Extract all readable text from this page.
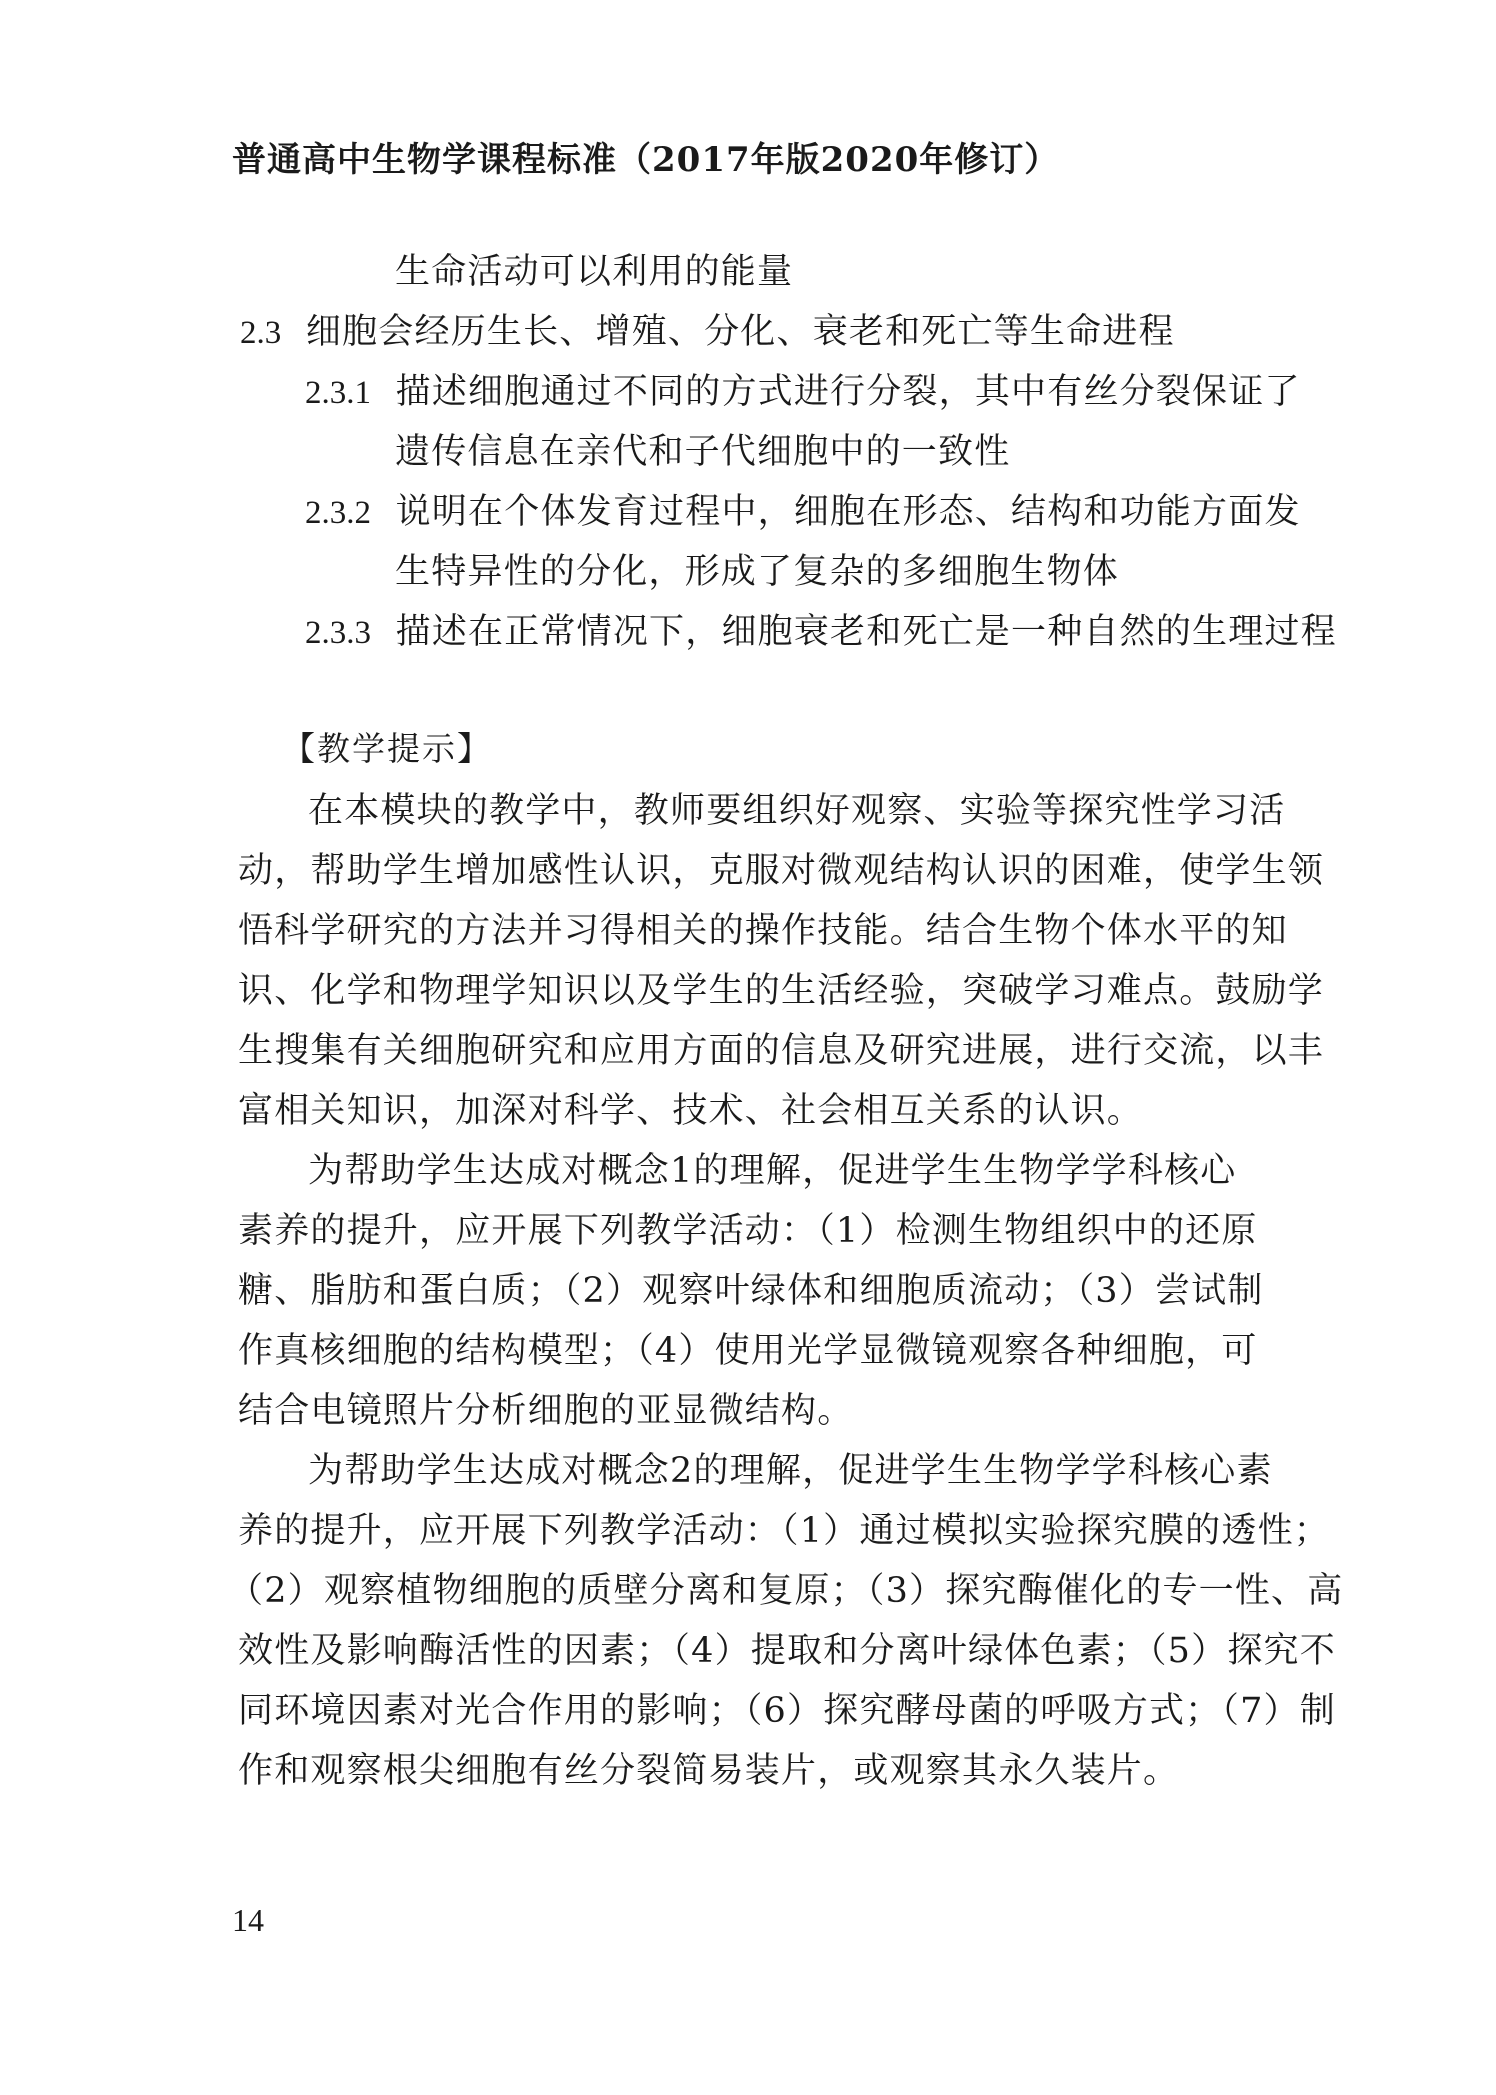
普通高中生物学课程标准（2017年版2020年修订）
生命活动可以利用的能量
2.3 细胞会经历生长、增殖、分化、衰老和死亡等生命进程
2.3.1 描述细胞通过不同的方式进行分裂，其中有丝分裂保证了
遗传信息在亲代和子代细胞中的一致性
2.3.2 说明在个体发育过程中，细胞在形态、结构和功能方面发
生特异性的分化，形成了复杂的多细胞生物体
2.3.3 描述在正常情况下，细胞衰老和死亡是一种自然的生理过程
【教学提示】
在本模块的教学中，教师要组织好观察、实验等探究性学习活
动，帮助学生增加感性认识，克服对微观结构认识的困难，使学生领
悟科学研究的方法并习得相关的操作技能。结合生物个体水平的知
识、化学和物理学知识以及学生的生活经验，突破学习难点。鼓励学
生搜集有关细胞研究和应用方面的信息及研究进展，进行交流，以丰
富相关知识，加深对科学、技术、社会相互关系的认识。
为帮助学生达成对概念1的理解，促进学生生物学学科核心
素养的提升，应开展下列教学活动：（1）检测生物组织中的还原
糖、脂肪和蛋白质；（2）观察叶绿体和细胞质流动；（3）尝试制
作真核细胞的结构模型；（4）使用光学显微镜观察各种细胞，可
结合电镜照片分析细胞的亚显微结构。
为帮助学生达成对概念2的理解，促进学生生物学学科核心素
养的提升，应开展下列教学活动：（1）通过模拟实验探究膜的透性；
（2）观察植物细胞的质壁分离和复原；（3）探究酶催化的专一性、高
效性及影响酶活性的因素；（4）提取和分离叶绿体色素；（5）探究不
同环境因素对光合作用的影响；（6）探究酵母菌的呼吸方式；（7）制
作和观察根尖细胞有丝分裂简易装片，或观察其永久装片。
14
